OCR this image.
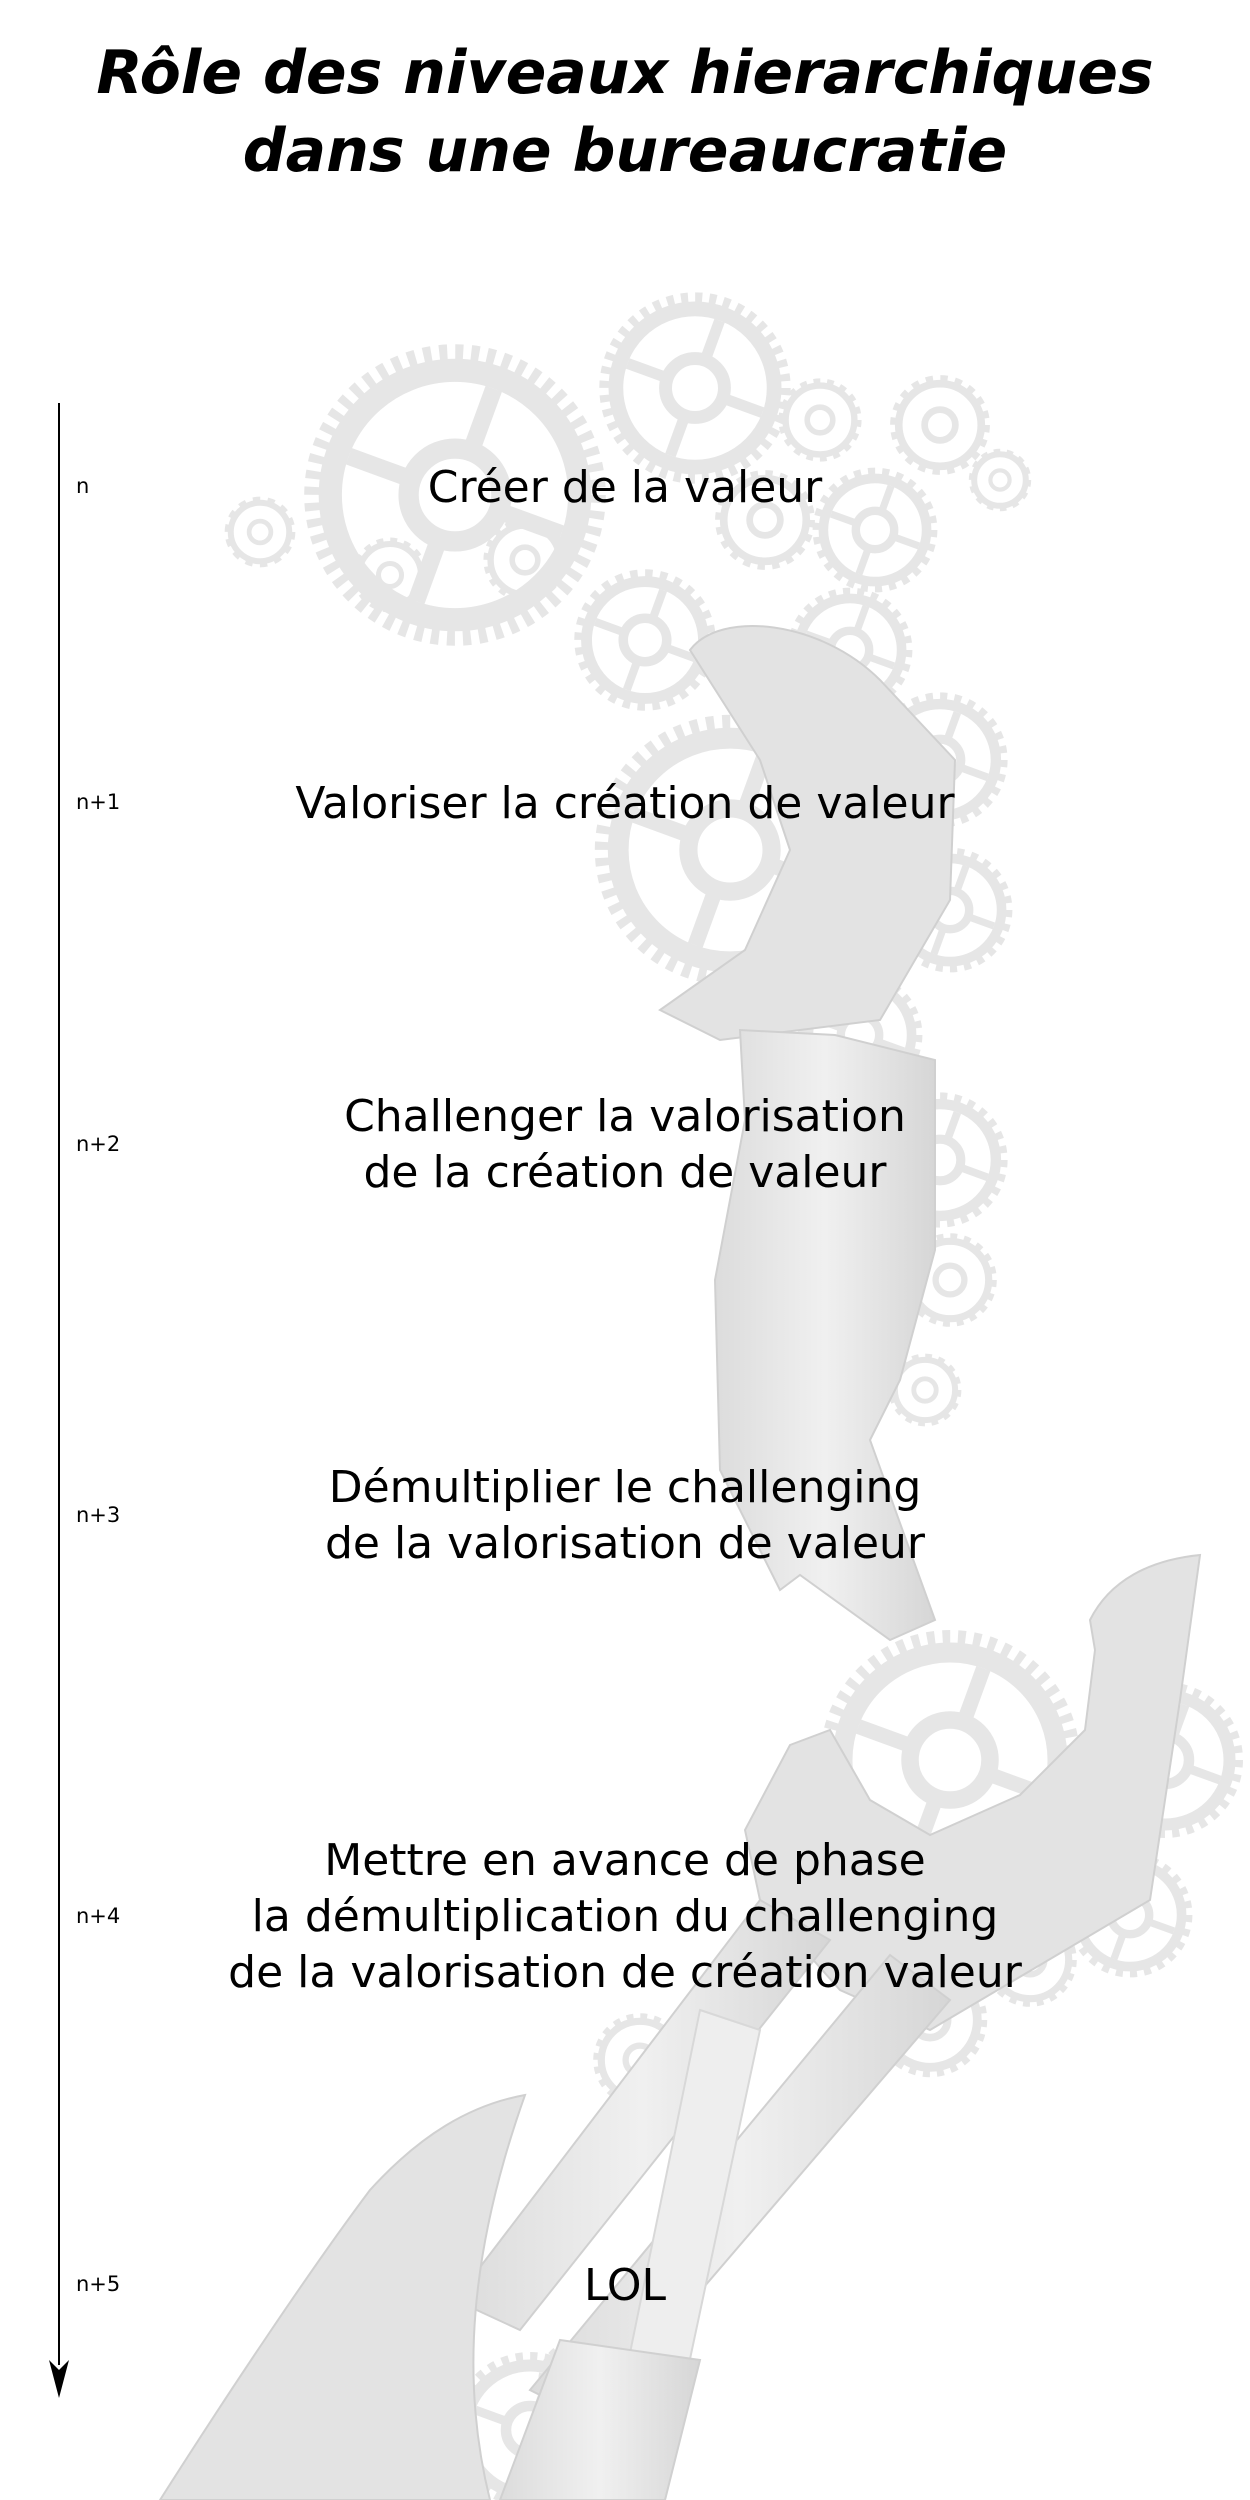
Rôle des niveaux hierarchiques
dans une bureaucratie
n
n+1
n+2
n+3
n+4
n+5
Créer de la valeur
Valoriser la création de valeur
Challenger la valorisation
de la création de valeur
Démultiplier le challenging
de la valorisation de valeur
Mettre en avance de phase
la démultiplication du challenging
de la valorisation de création valeur
LOL
